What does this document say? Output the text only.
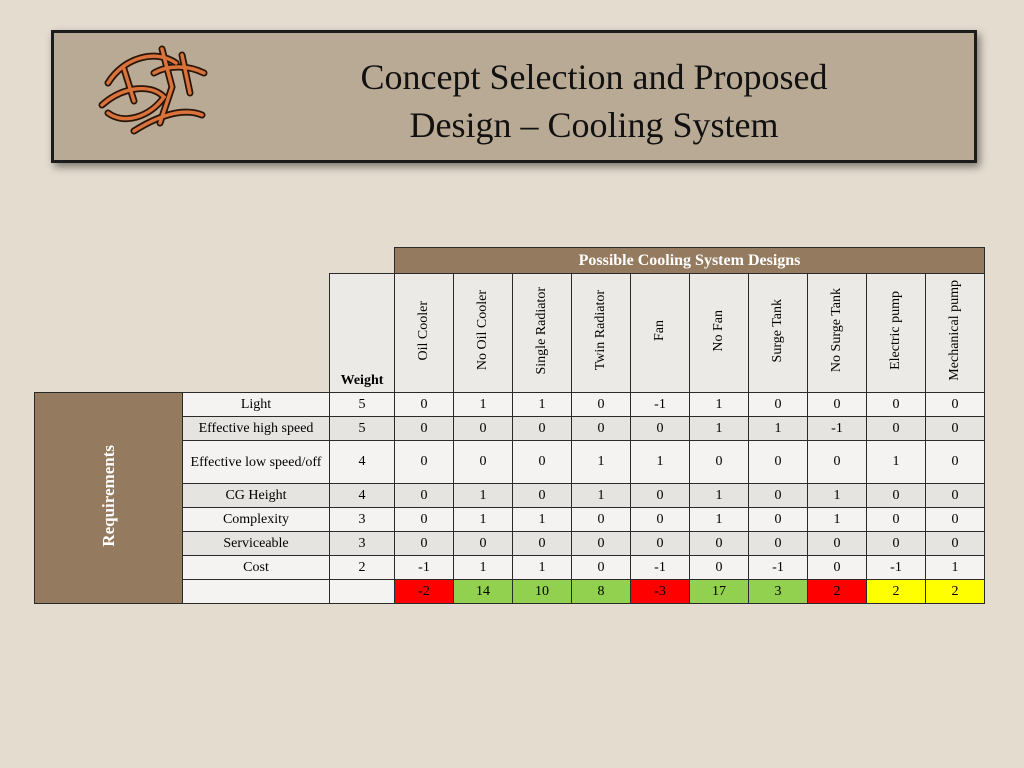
Concept Selection and Proposed
Design – Cooling System
			Possible Cooling System Designs									
		Weight	Oil Cooler	No Oil Cooler	Single Radiator	Twin Radiator	Fan	No Fan	Surge Tank	No Surge Tank	Electric pump	Mechanical pump
Requirements	Light	5	0	1	1	0	-1	1	0	0	0	0
	Effective high speed	5	0	0	0	0	0	1	1	-1	0	0
	Effective low speed/off	4	0	0	0	1	1	0	0	0	1	0
	CG Height	4	0	1	0	1	0	1	0	1	0	0
	Complexity	3	0	1	1	0	0	1	0	1	0	0
	Serviceable	3	0	0	0	0	0	0	0	0	0	0
	Cost	2	-1	1	1	0	-1	0	-1	0	-1	1
			-2	14	10	8	-3	17	3	2	2	2
